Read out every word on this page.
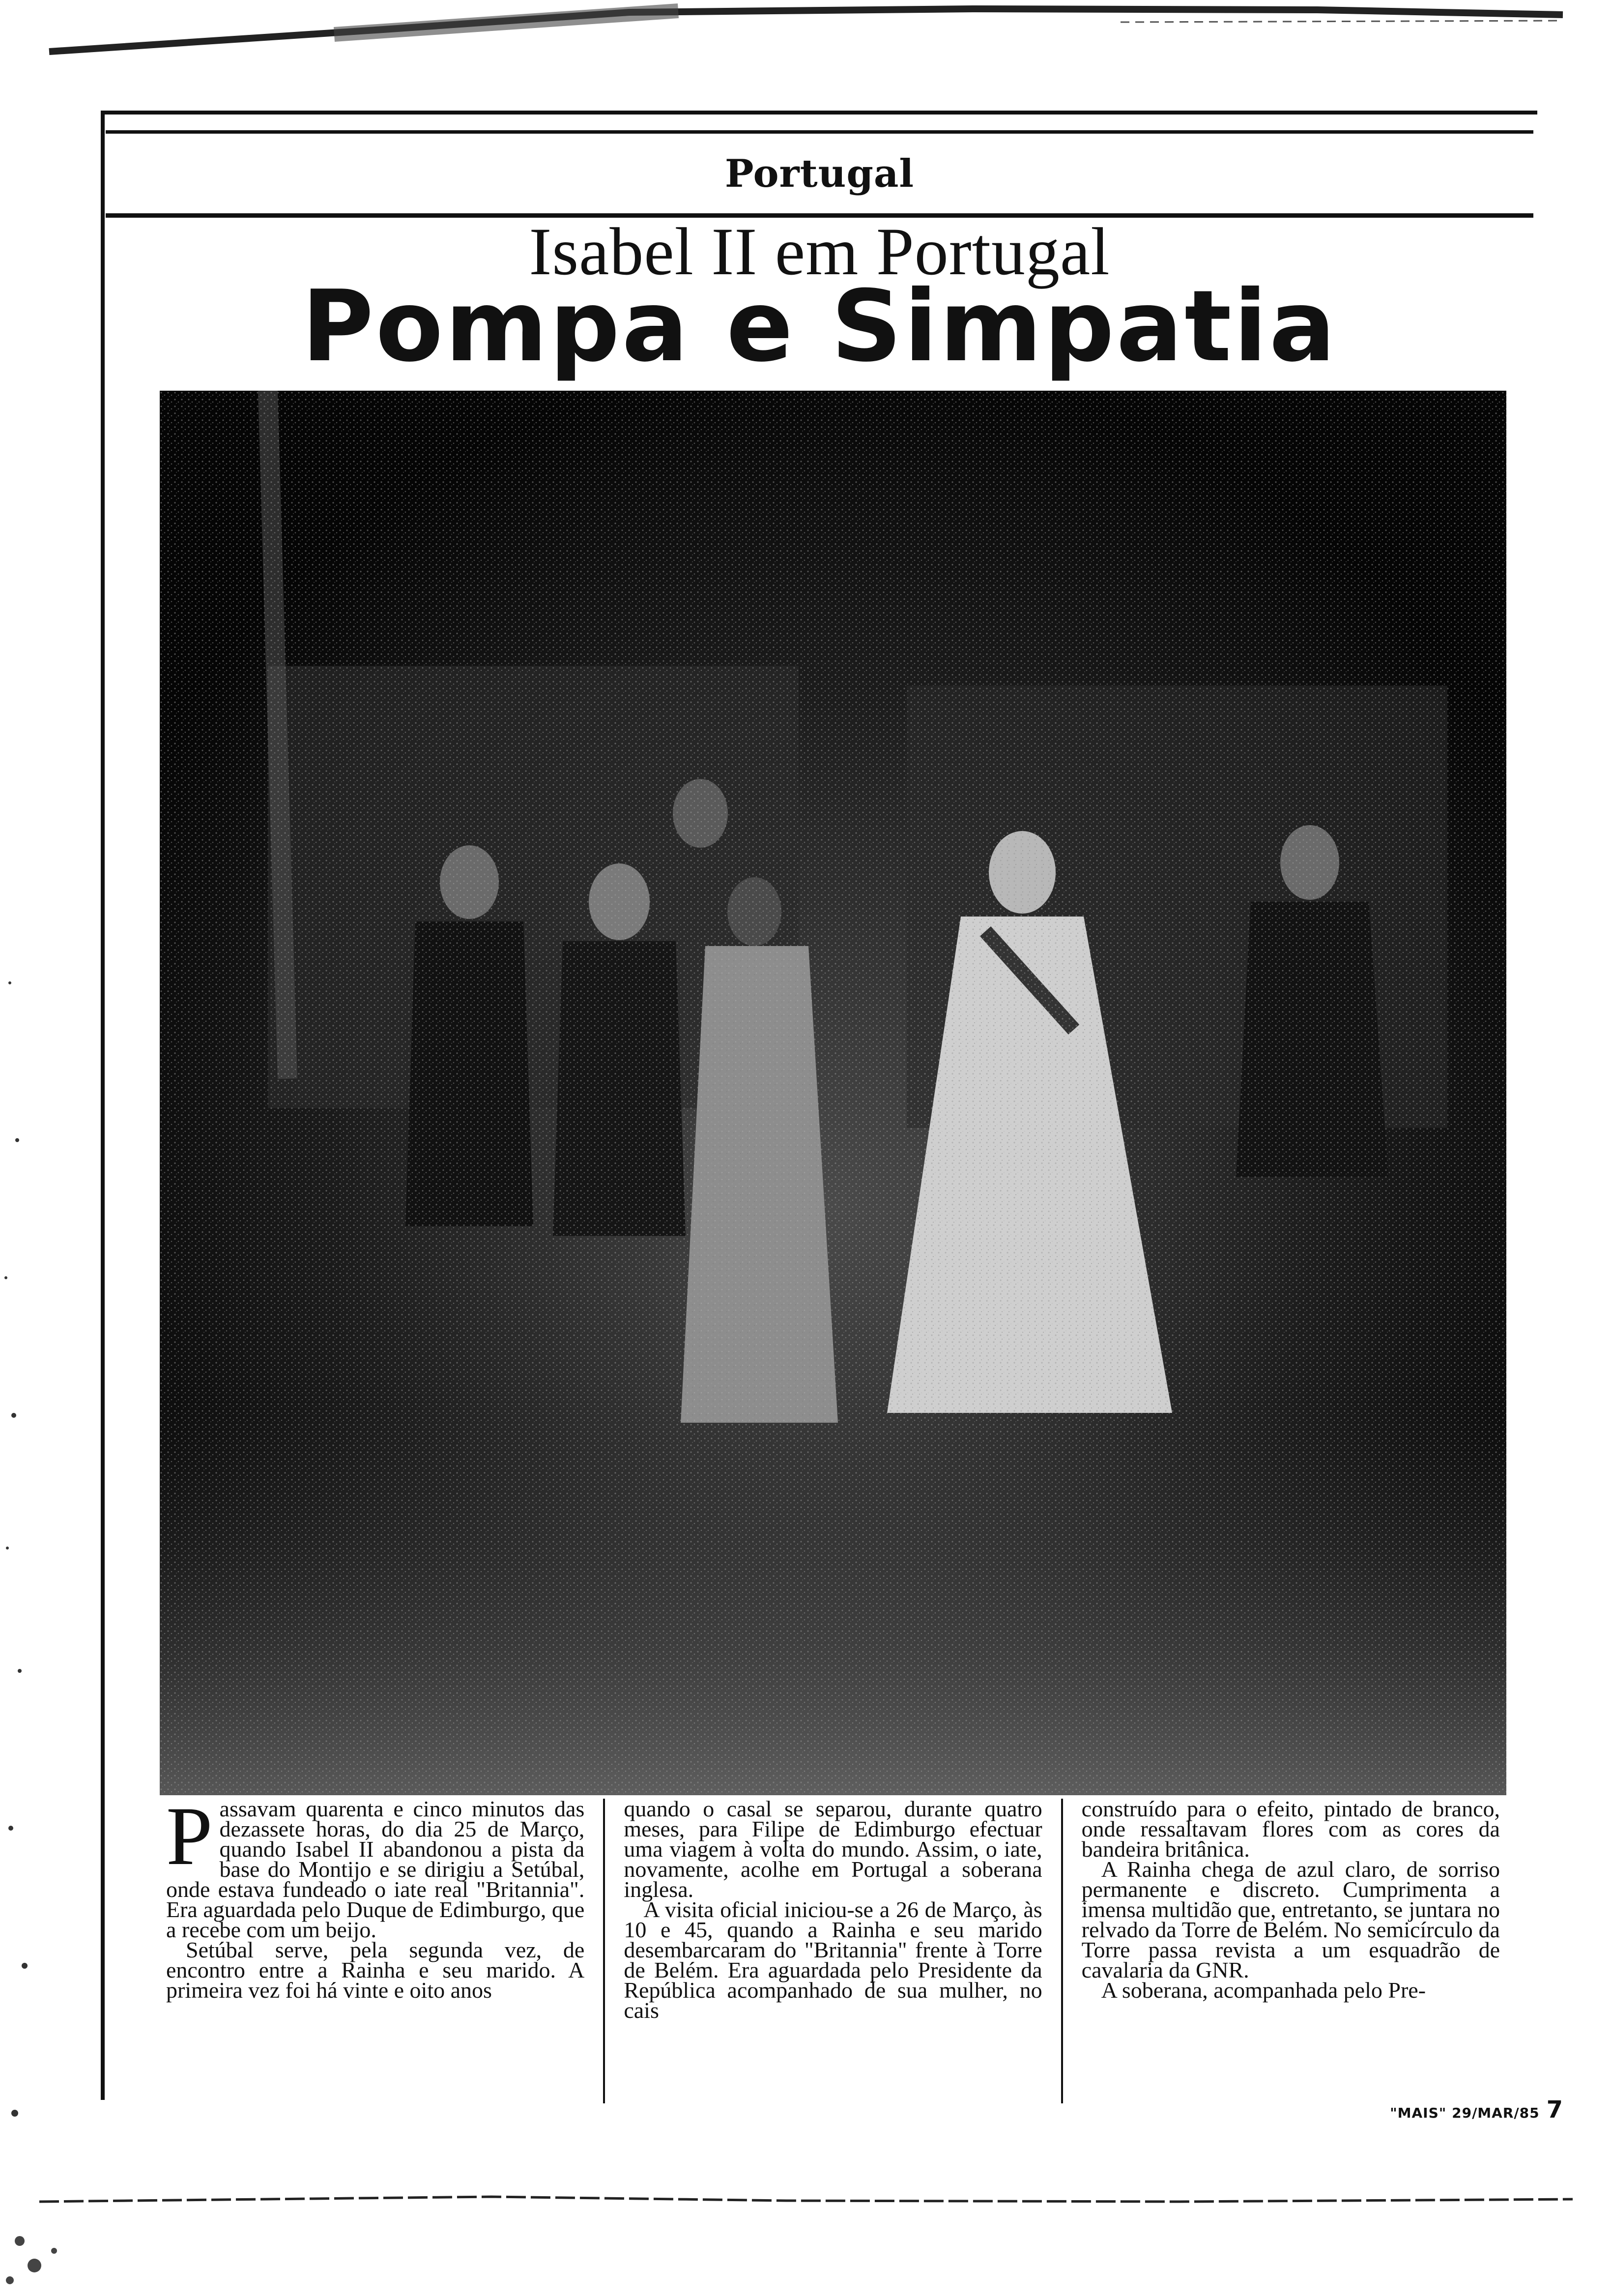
Portugal
Isabel II em Portugal
Pompa e Simpatia

Passavam quarenta e cinco minutos das dezassete horas, do dia 25 de Março, quando Isabel II abandonou a pista da base do Montijo e se dirigiu a Setúbal, onde estava fundeado o iate real "Britannia". Era aguardada pelo Duque de Edimburgo, que a recebe com um beijo.

Setúbal serve, pela segunda vez, de encontro entre a Rainha e seu marido. A primeira vez foi há vinte e oito anos

quando o casal se separou, durante quatro meses, para Filipe de Edimburgo efectuar uma viagem à volta do mundo. Assim, o iate, novamente, acolhe em Portugal a soberana inglesa.

A visita oficial iniciou-se a 26 de Março, às 10 e 45, quando a Rainha e seu marido desembarcaram do "Britannia" frente à Torre de Belém. Era aguardada pelo Presidente da República acompanhado de sua mulher, no cais

construído para o efeito, pintado de branco, onde ressaltavam flores com as cores da bandeira britânica.

A Rainha chega de azul claro, de sorriso permanente e discreto. Cumprimenta a imensa multidão que, entretanto, se juntara no relvado da Torre de Belém. No semicírculo da Torre passa revista a um esquadrão de cavalaria da GNR.

A soberana, acompanhada pelo Pre-

"MAIS" 29/MAR/85 7
